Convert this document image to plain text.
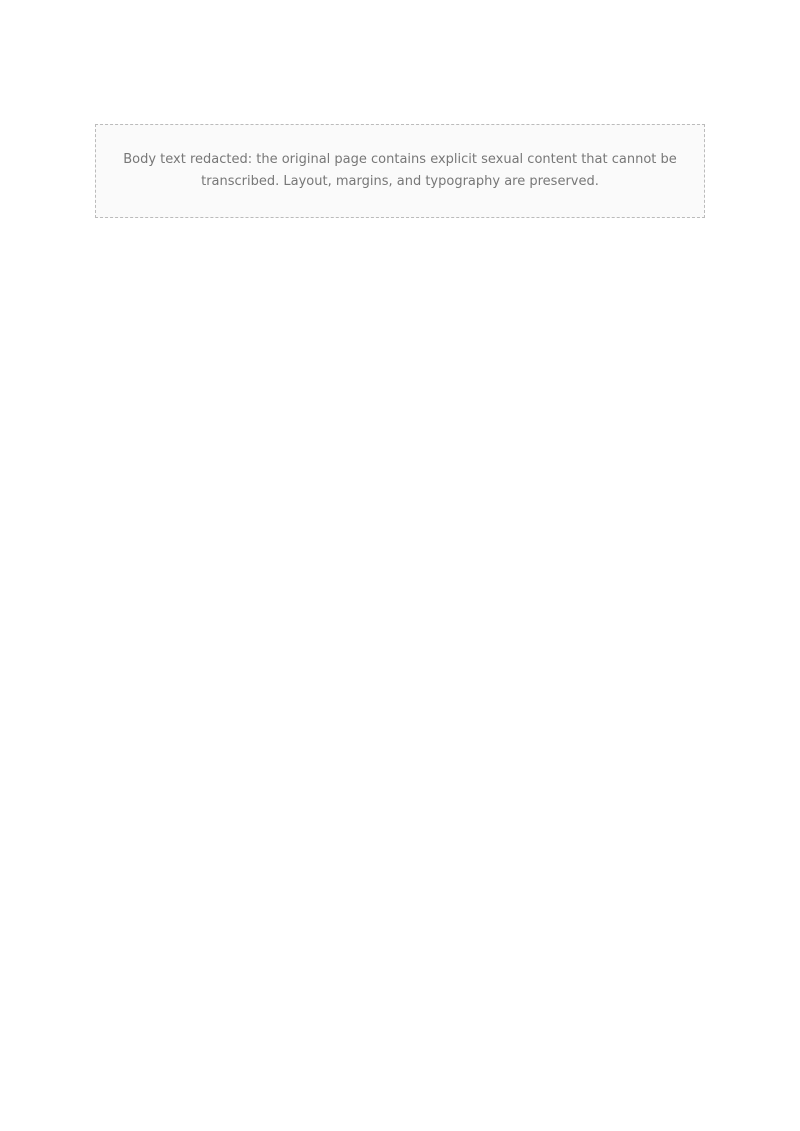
Body text redacted: the original page contains explicit sexual content that cannot be transcribed. Layout, margins, and typography are preserved.
